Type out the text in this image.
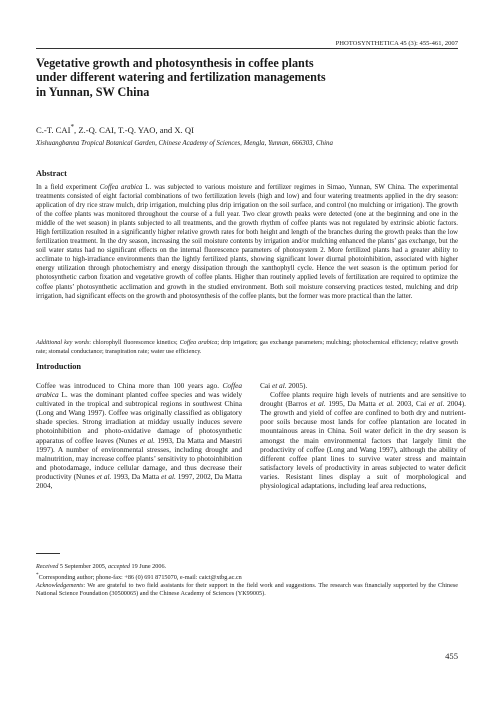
PHOTOSYNTHETICA 45 (3): 455-461, 2007
Vegetative growth and photosynthesis in coffee plants
under different watering and fertilization managements
in Yunnan, SW China
C.-T. CAI*, Z.-Q. CAI, T.-Q. YAO, and X. QI
Xishuangbanna Tropical Botanical Garden, Chinese Academy of Sciences, Mengla, Yunnan, 666303, China
Abstract

In a field experiment Coffea arabica L. was subjected to various moisture and fertilizer regimes in Simao, Yunnan, SW China. The experimental treatments consisted of eight factorial combinations of two fertilization levels (high and low) and four watering treatments applied in the dry season: application of dry rice straw mulch, drip irrigation, mulching plus drip irrigation on the soil surface, and control (no mulching or irrigation). The growth of the coffee plants was monitored throughout the course of a full year. Two clear growth peaks were detected (one at the beginning and one in the middle of the wet season) in plants subjected to all treatments, and the growth rhythm of coffee plants was not regulated by extrinsic abiotic factors. High fertilization resulted in a significantly higher relative growth rates for both height and length of the branches during the growth peaks than the low fertilization treatment. In the dry season, increasing the soil moisture contents by irrigation and/or mulching enhanced the plants’ gas exchange, but the soil water status had no significant effects on the internal fluorescence parameters of photosystem 2. More fertilized plants had a greater ability to acclimate to high-irradiance environments than the lightly fertilized plants, showing significant lower diurnal photoinhibition, associated with higher energy utilization through photochemistry and energy dissipation through the xanthophyll cycle. Hence the wet season is the optimum period for photosynthetic carbon fixation and vegetative growth of coffee plants. Higher than routinely applied levels of fertilization are required to optimize the coffee plants’ photosynthetic acclimation and growth in the studied environment. Both soil moisture conserving practices tested, mulching and drip irrigation, had significant effects on the growth and photosynthesis of the coffee plants, but the former was more practical than the latter.

Additional key words: chlorophyll fluorescence kinetics; Coffea arabica; drip irrigation; gas exchange parameters; mulching; photochemical efficiency; relative growth rate; stomatal conductance; transpiration rate; water use efficiency.

Introduction

Coffee was introduced to China more than 100 years ago. Coffea arabica L. was the dominant planted coffee species and was widely cultivated in the tropical and subtropical regions in southwest China (Long and Wang 1997). Coffee was originally classified as obligatory shade species. Strong irradiation at midday usually induces severe photoinhibition and photo-oxidative damage of photosynthetic apparatus of coffee leaves (Nunes et al. 1993, Da Matta and Maestri 1997). A number of environmental stresses, including drought and malnutrition, may increase coffee plants’ sensitivity to photoinhibition and photodamage, induce cellular damage, and thus decrease their productivity (Nunes et al. 1993, Da Matta et al. 1997, 2002, Da Matta 2004,

Cai et al. 2005).

Coffee plants require high levels of nutrients and are sensitive to drought (Barros et al. 1995, Da Matta et al. 2003, Cai et al. 2004). The growth and yield of coffee are confined to both dry and nutrient-poor soils because most lands for coffee plantation are located in mountainous areas in China. Soil water deficit in the dry season is amongst the main environmental factors that largely limit the productivity of coffee (Long and Wang 1997), although the ability of different coffee plant lines to survive water stress and maintain satisfactory levels of productivity in areas subjected to water deficit varies. Resistant lines display a suit of morphological and physiological adaptations, including leaf area reductions,

Received 5 September 2005, accepted 19 June 2006.

*Corresponding author; phone-fax: +86 (0) 691 8715070, e-mail: caict@xtbg.ac.cn

Acknowledgements: We are grateful to two field assistants for their support in the field work and suggestions. The research was financially supported by the Chinese National Science Foundation (30500065) and the Chinese Academy of Sciences (YK99005).

455
